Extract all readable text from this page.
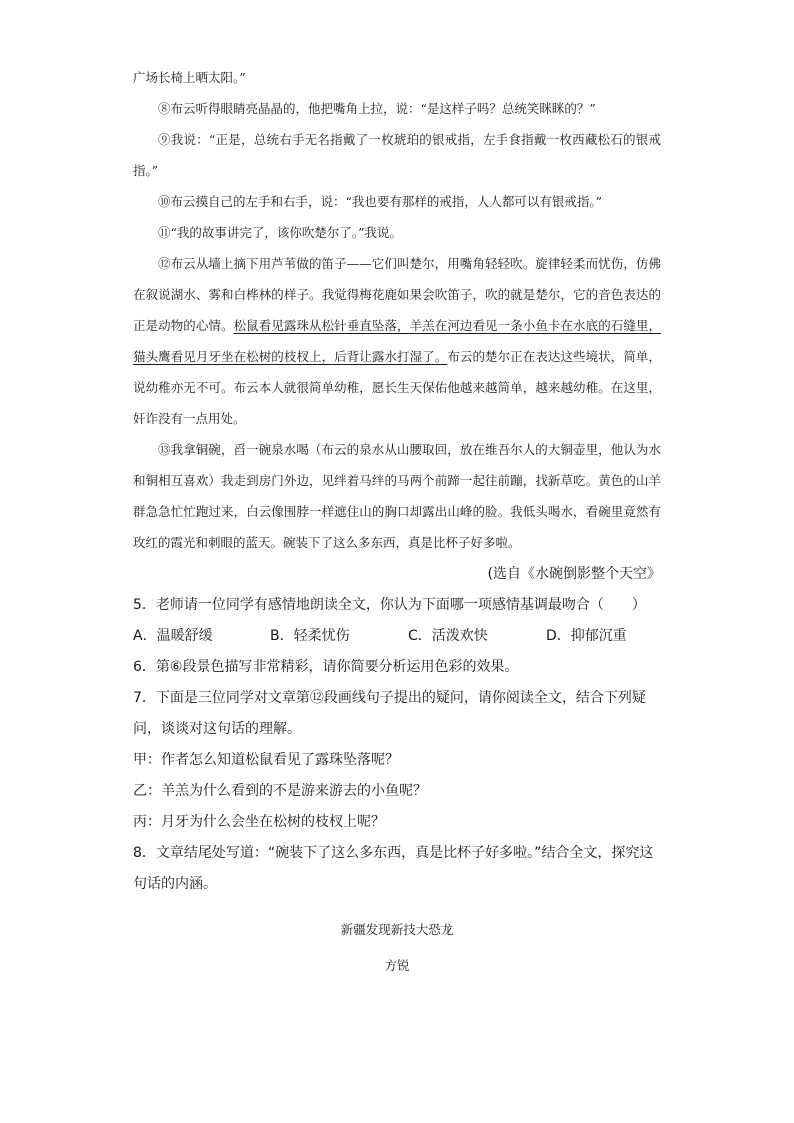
广场长椅上晒太阳。”

⑧布云听得眼睛亮晶晶的，他把嘴角上拉，说：“是这样子吗？总统笑眯眯的？”

⑨我说：“正是，总统右手无名指戴了一枚琥珀的银戒指，左手食指戴一枚西藏松石的银戒指。”

⑩布云摸自己的左手和右手，说：“我也要有那样的戒指，人人都可以有银戒指。”

⑪“我的故事讲完了，该你吹楚尔了。”我说。

⑫布云从墙上摘下用芦苇做的笛子——它们叫楚尔，用嘴角轻轻吹。旋律轻柔而忧伤，仿佛在叙说湖水、雾和白桦林的样子。我觉得梅花鹿如果会吹笛子，吹的就是楚尔，它的音色表达的正是动物的心情。松鼠看见露珠从松针垂直坠落，羊羔在河边看见一条小鱼卡在水底的石缝里，猫头鹰看见月牙坐在松树的枝杈上，后背让露水打湿了。布云的楚尔正在表达这些境状，简单，说幼稚亦无不可。布云本人就很简单幼稚，愿长生天保佑他越来越简单，越来越幼稚。在这里，奸诈没有一点用处。

⑬我拿铜碗，舀一碗泉水喝（布云的泉水从山腰取回，放在维吾尔人的大铜壶里，他认为水和铜相互喜欢）我走到房门外边，见绊着马绊的马两个前蹄一起往前蹦，找新草吃。黄色的山羊群急急忙忙跑过来，白云像围脖一样遮住山的胸口却露出山峰的脸。我低头喝水，看碗里竟然有玫红的霞光和刺眼的蓝天。碗装下了这么多东西，真是比杯子好多啦。

(选自《水碗倒影整个天空》

5．老师请一位同学有感情地朗读全文，你认为下面哪一项感情基调最吻合（　　）

A．温暖舒缓	B．轻柔忧伤	C．活泼欢快	D．抑郁沉重

6．第⑥段景色描写非常精彩，请你简要分析运用色彩的效果。

7．下面是三位同学对文章第⑫段画线句子提出的疑问，请你阅读全文，结合下列疑问，谈谈对这句话的理解。

甲：作者怎么知道松鼠看见了露珠坠落呢？

乙：羊羔为什么看到的不是游来游去的小鱼呢？

丙：月牙为什么会坐在松树的枝杈上呢？

8．文章结尾处写道：“碗装下了这么多东西，真是比杯子好多啦。”结合全文，探究这句话的内涵。

新疆发现新技大恐龙

方锐
